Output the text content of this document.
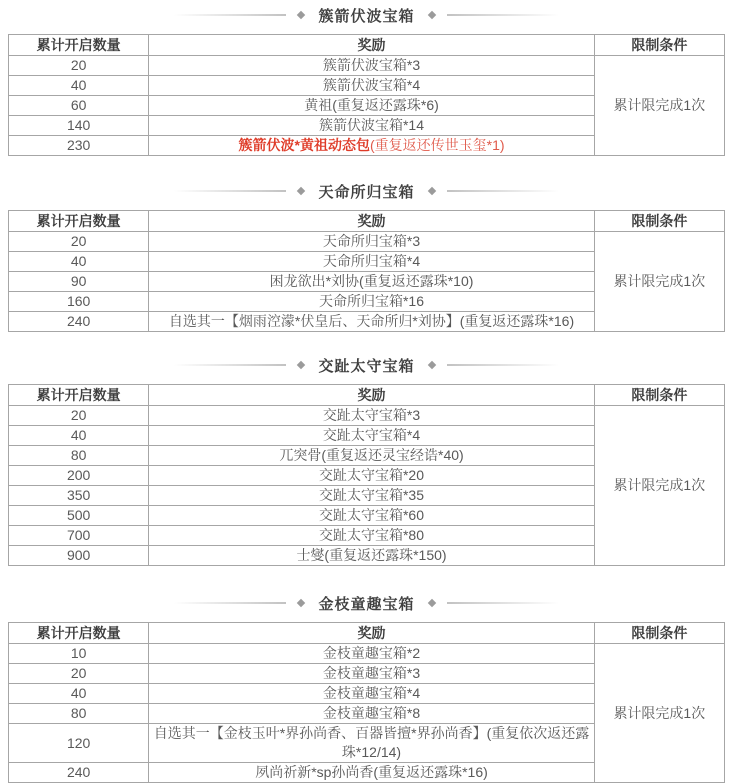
簇箭伏波宝箱
累计开启数量	奖励	限制条件
20	簇箭伏波宝箱*3	累计限完成1次
40	簇箭伏波宝箱*4	
60	黄祖(重复返还露珠*6)	
140	簇箭伏波宝箱*14	
230	簇箭伏波*黄祖动态包(重复返还传世玉玺*1)	
天命所归宝箱
累计开启数量	奖励	限制条件
20	天命所归宝箱*3	累计限完成1次
40	天命所归宝箱*4	
90	困龙欲出*刘协(重复返还露珠*10)	
160	天命所归宝箱*16	
240	自选其一【烟雨涳濛*伏皇后、天命所归*刘协】(重复返还露珠*16)	
交趾太守宝箱
累计开启数量	奖励	限制条件
20	交趾太守宝箱*3	累计限完成1次
40	交趾太守宝箱*4	
80	兀突骨(重复返还灵宝经诰*40)	
200	交趾太守宝箱*20	
350	交趾太守宝箱*35	
500	交趾太守宝箱*60	
700	交趾太守宝箱*80	
900	士燮(重复返还露珠*150)	
金枝童趣宝箱
累计开启数量	奖励	限制条件
10	金枝童趣宝箱*2	累计限完成1次
20	金枝童趣宝箱*3	
40	金枝童趣宝箱*4	
80	金枝童趣宝箱*8	
120	自选其一【金枝玉叶*界孙尚香、百器皆擅*界孙尚香】(重复依次返还露珠*12/14)	
240	夙尚祈新*sp孙尚香(重复返还露珠*16)	
